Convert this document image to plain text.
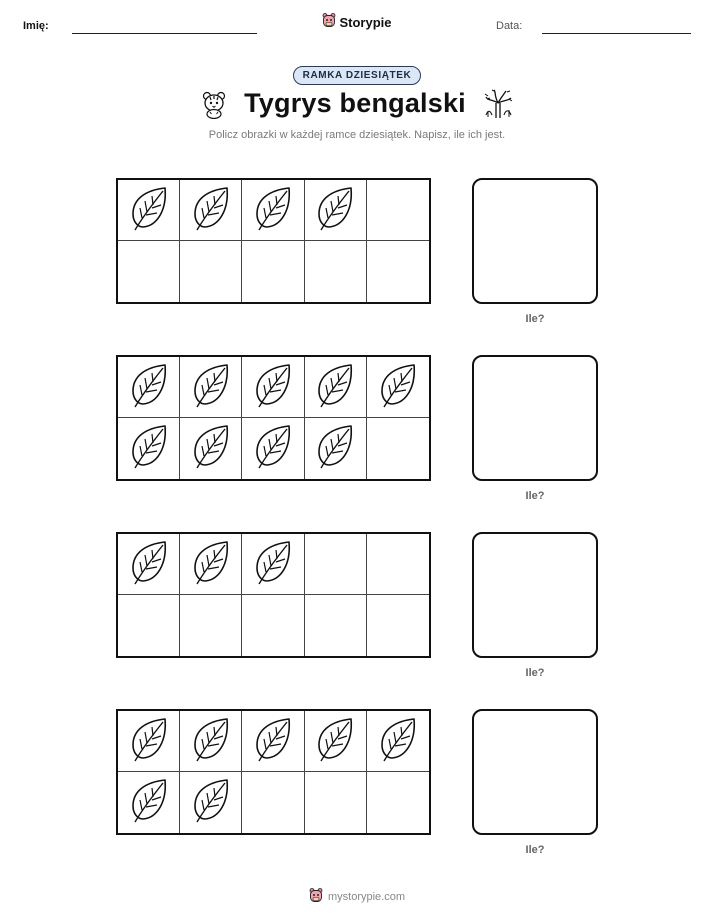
Imię:	Storypie	Data:
RAMKA DZIESIĄTEK
Tygrys bengalski
Policz obrazki w każdej ramce dziesiątek. Napisz, ile ich jest.
Ile?
Ile?
Ile?
Ile?
mystorypie.com
